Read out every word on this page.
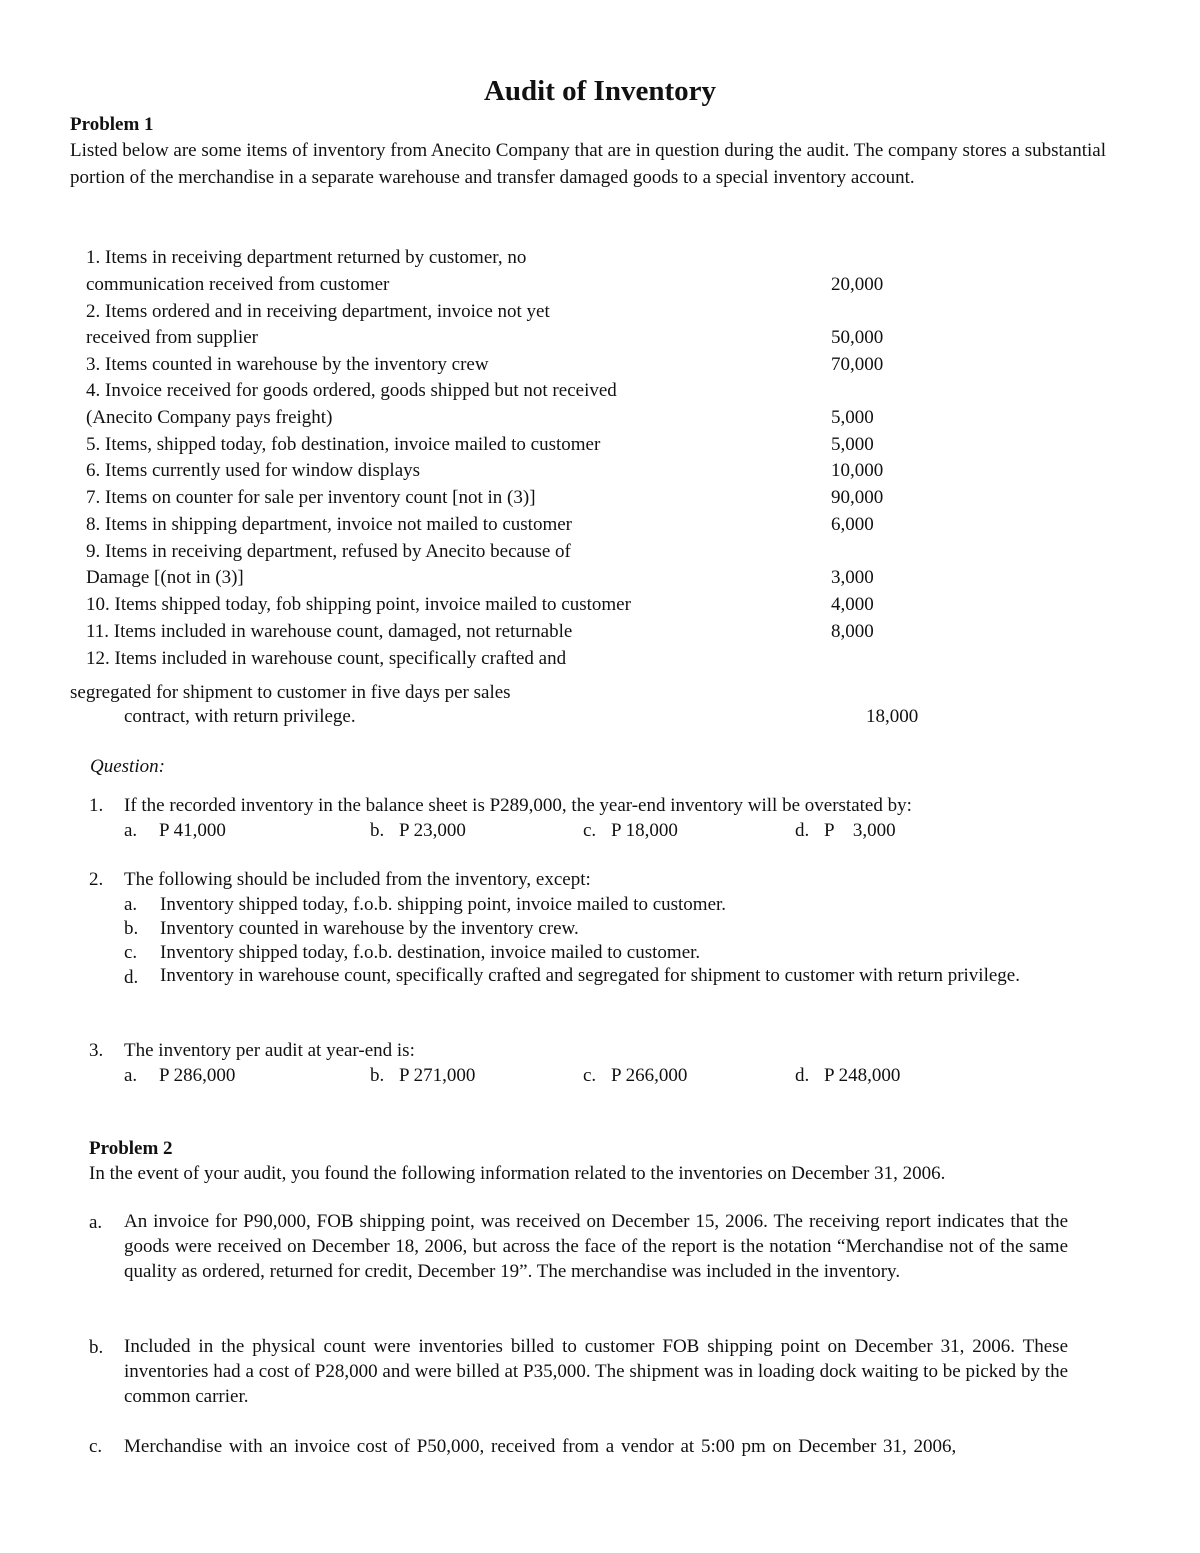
Audit of Inventory
Problem 1
Listed below are some items of inventory from Anecito Company that are in question during the audit. The company stores a substantial portion of the merchandise in a separate warehouse and transfer damaged goods to a special inventory account.
1. Items in receiving department returned by customer, no
communication received from customer	20,000
2. Items ordered and in receiving department, invoice not yet
received from supplier	50,000
3. Items counted in warehouse by the inventory crew	70,000
4. Invoice received for goods ordered, goods shipped but not received
(Anecito Company pays freight)	5,000
5. Items, shipped today, fob destination, invoice mailed to customer	5,000
6. Items currently used for window displays	10,000
7. Items on counter for sale per inventory count [not in (3)]	90,000
8. Items in shipping department, invoice not mailed to customer	6,000
9. Items in receiving department, refused by Anecito because of
Damage [(not in (3)]	3,000
10. Items shipped today, fob shipping point, invoice mailed to customer	4,000
11. Items included in warehouse count, damaged, not returnable	8,000
12. Items included in warehouse count, specifically crafted and
segregated for shipment to customer in five days per sales
contract, with return privilege.	18,000
Question:
1. If the recorded inventory in the balance sheet is P289,000, the year-end inventory will be overstated by:
a. P 41,000	b. P 23,000	c. P 18,000	d. P    3,000
2. The following should be included from the inventory, except:
a. Inventory shipped today, f.o.b. shipping point, invoice mailed to customer.
b. Inventory counted in warehouse by the inventory crew.
c. Inventory shipped today, f.o.b. destination, invoice mailed to customer.
d. Inventory in warehouse count, specifically crafted and segregated for shipment to customer with return privilege.
3. The inventory per audit at year-end is:
a. P 286,000	b. P 271,000	c. P 266,000	d. P 248,000
Problem 2
In the event of your audit, you found the following information related to the inventories on December 31, 2006.
a. An invoice for P90,000, FOB shipping point, was received on December 15, 2006. The receiving report indicates that the goods were received on December 18, 2006, but across the face of the report is the notation “Merchandise not of the same quality as ordered, returned for credit, December 19”. The merchandise was included in the inventory.
b. Included in the physical count were inventories billed to customer FOB shipping point on December 31, 2006. These inventories had a cost of P28,000 and were billed at P35,000. The shipment was in loading dock waiting to be picked by the common carrier.
c. Merchandise with an invoice cost of P50,000, received from a vendor at 5:00 pm on December 31, 2006,
